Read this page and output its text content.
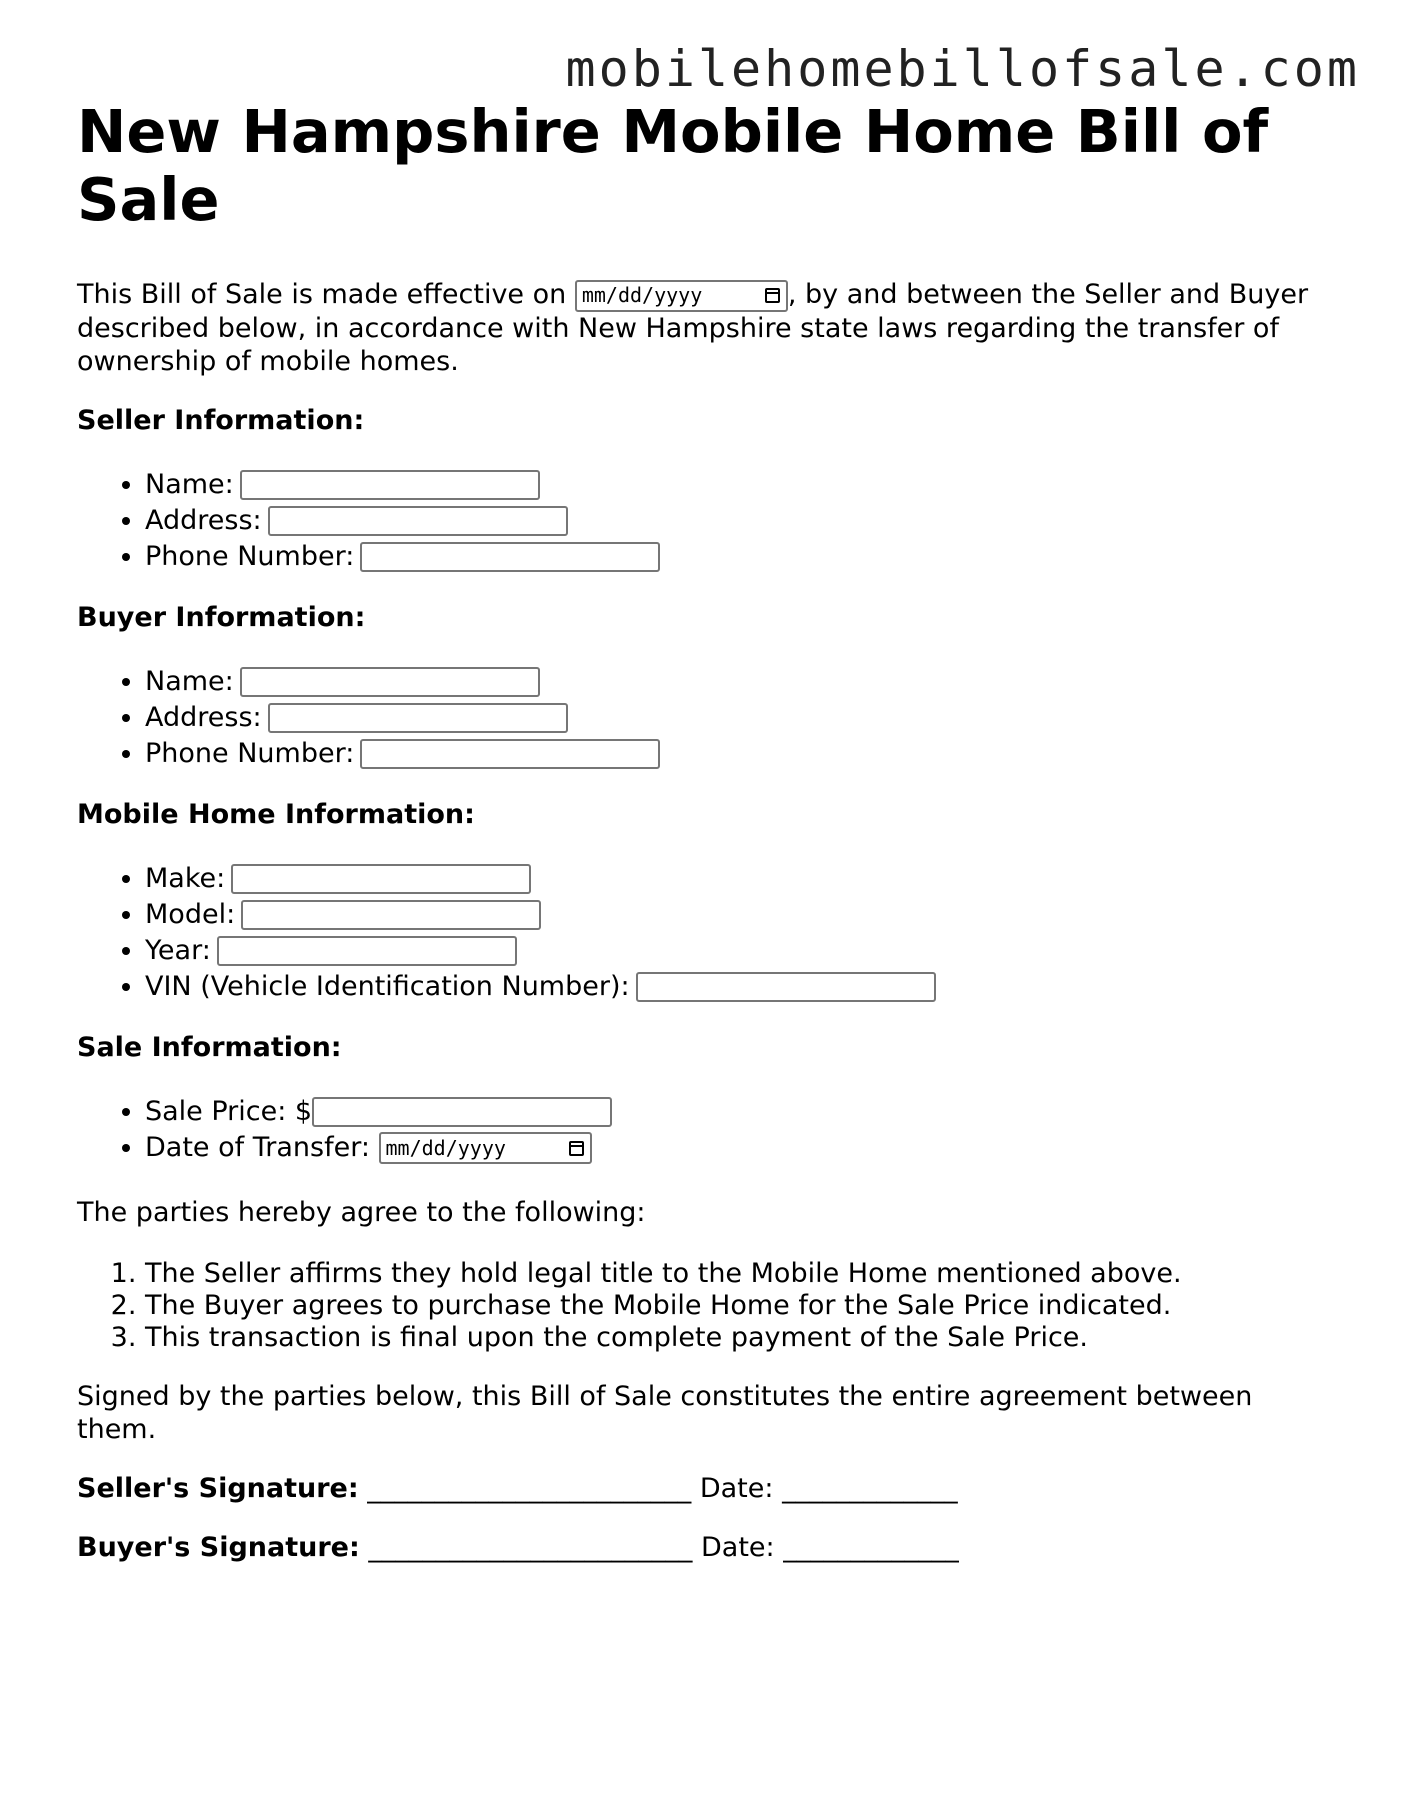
mobilehomebillofsale.com
New Hampshire Mobile Home Bill of Sale

This Bill of Sale is made effective on mm/dd/yyyy	, by and between the Seller and Buyer described below, in accordance with New Hampshire state laws regarding the transfer of ownership of mobile homes.

Seller Information:
• Name:
• Address:
• Phone Number:
Buyer Information:
• Name:
• Address:
• Phone Number:
Mobile Home Information:
• Make:
• Model:
• Year:
• VIN (Vehicle Identification Number):
Sale Information:
• Sale Price: $
• Date of Transfer: mm/dd/yyyy

The parties hereby agree to the following:

1. The Seller affirms they hold legal title to the Mobile Home mentioned above.
2. The Buyer agrees to purchase the Mobile Home for the Sale Price indicated.
3. This transaction is final upon the complete payment of the Sale Price.

Signed by the parties below, this Bill of Sale constitutes the entire agreement between them.

Seller's Signature: ________________________ Date: _____________
Buyer's Signature: ________________________ Date: _____________
